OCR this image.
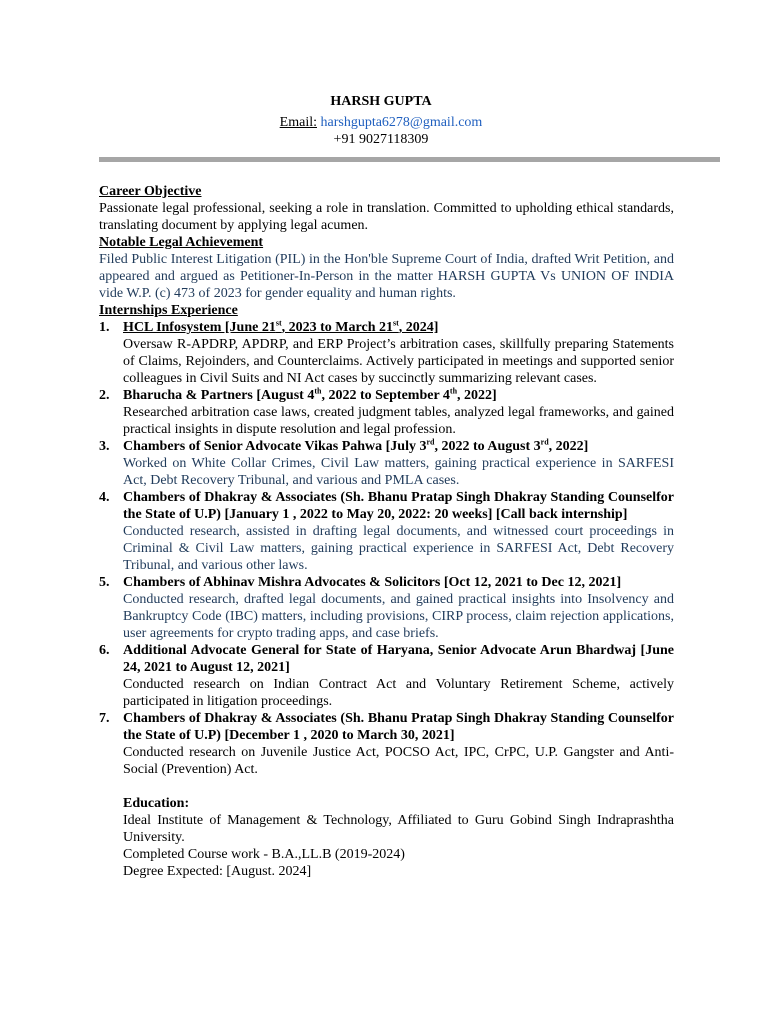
HARSH GUPTA
Email: harshgupta6278@gmail.com
+91 9027118309
Career Objective
Passionate legal professional, seeking a role in translation. Committed to upholding ethical standards, translating document by applying legal acumen.
Notable Legal Achievement
Filed Public Interest Litigation (PIL) in the Hon'ble Supreme Court of India, drafted Writ Petition, and appeared and argued as Petitioner-In-Person in the matter HARSH GUPTA Vs UNION OF INDIA vide W.P. (c) 473 of 2023 for gender equality and human rights.
Internships Experience
1. HCL Infosystem [June 21st, 2023 to March 21st, 2024]
Oversaw R-APDRP, APDRP, and ERP Project’s arbitration cases, skillfully preparing Statements of Claims, Rejoinders, and Counterclaims. Actively participated in meetings and supported senior colleagues in Civil Suits and NI Act cases by succinctly summarizing relevant cases.
2. Bharucha & Partners [August 4th, 2022 to September 4th, 2022]
Researched arbitration case laws, created judgment tables, analyzed legal frameworks, and gained practical insights in dispute resolution and legal profession.
3. Chambers of Senior Advocate Vikas Pahwa [July 3rd, 2022 to August 3rd, 2022]
Worked on White Collar Crimes, Civil Law matters, gaining practical experience in SARFESI Act, Debt Recovery Tribunal, and various and PMLA cases.
4. Chambers of Dhakray & Associates (Sh. Bhanu Pratap Singh Dhakray Standing Counselfor the State of U.P) [January 1 , 2022 to May 20, 2022: 20 weeks] [Call back internship]
Conducted research, assisted in drafting legal documents, and witnessed court proceedings in Criminal & Civil Law matters, gaining practical experience in SARFESI Act, Debt Recovery Tribunal, and various other laws.
5. Chambers of Abhinav Mishra Advocates & Solicitors [Oct 12, 2021 to Dec 12, 2021]
Conducted research, drafted legal documents, and gained practical insights into Insolvency and Bankruptcy Code (IBC) matters, including provisions, CIRP process, claim rejection applications, user agreements for crypto trading apps, and case briefs.
6. Additional Advocate General for State of Haryana, Senior Advocate Arun Bhardwaj [June 24, 2021 to August 12, 2021]
Conducted research on Indian Contract Act and Voluntary Retirement Scheme, actively participated in litigation proceedings.
7. Chambers of Dhakray & Associates (Sh. Bhanu Pratap Singh Dhakray Standing Counselfor the State of U.P) [December 1 , 2020 to March 30, 2021]
Conducted research on Juvenile Justice Act, POCSO Act, IPC, CrPC, U.P. Gangster and Anti- Social (Prevention) Act.
Education:
Ideal Institute of Management & Technology, Affiliated to Guru Gobind Singh Indraprashtha University.
Completed Course work - B.A.,LL.B (2019-2024)
Degree Expected: [August. 2024]
